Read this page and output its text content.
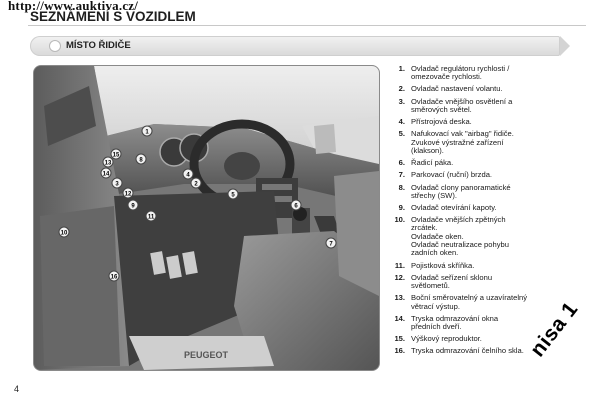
http://www.auktiva.cz/
SEZNÁMENÍ S VOZIDLEM
MÍSTO ŘIDIČE
PEUGEOT
1
2
3
4
5
6
7
8
9
10
11
12
13
14
15
16
1. Ovladač regulátoru rychlosti /
omezovače rychlosti.
2. Ovladač nastavení volantu.
3. Ovladače vnějšího osvětlení a
směrových světel.
4. Přístrojová deska.
5. Nafukovací vak "airbag" řidiče.
Zvukové výstražné zařízení
(klakson).
6. Řadicí páka.
7. Parkovací (ruční) brzda.
8. Ovladač clony panoramatické
střechy (SW).
9. Ovladač otevírání kapoty.
10. Ovladače vnějších zpětných
zrcátek.
Ovladače oken.
Ovladač neutralizace pohybu
zadních oken.
11. Pojistková skříňka.
12. Ovladač seřízení sklonu
světlometů.
13. Boční směrovatelný a uzavíratelný
větrací výstup.
14. Tryska odmrazování okna
předních dveří.
15. Výškový reproduktor.
16. Tryska odmrazování čelního skla.
4
nisa 1
